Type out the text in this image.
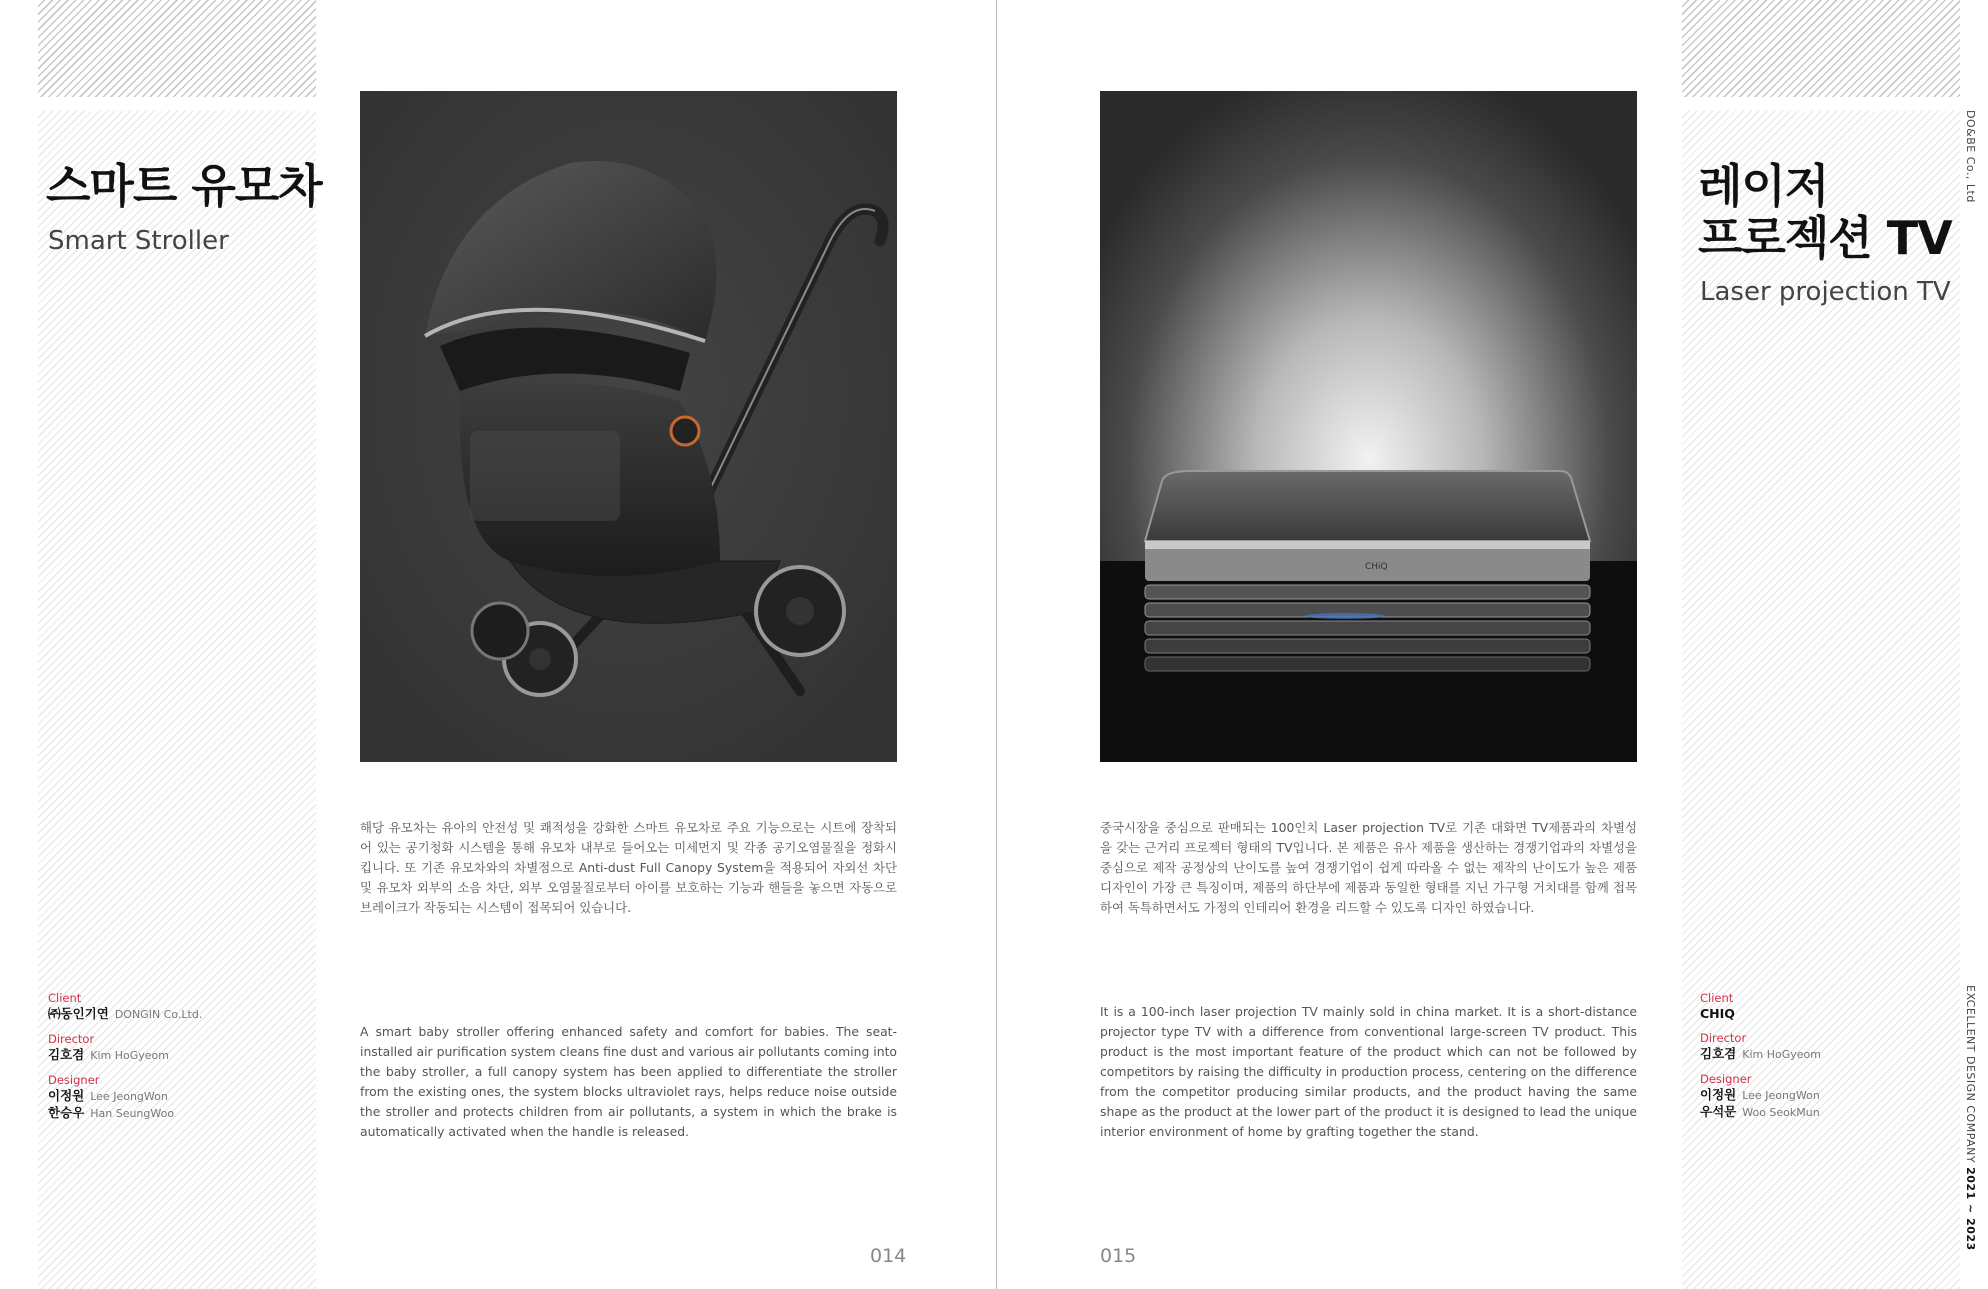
스마트 유모차
Smart Stroller
Client
㈜동인기연 DONGIN Co.Ltd.
Director
김호겸 Kim HoGyeom
Designer
이정원 Lee JeongWon
한승우 Han SeungWoo
해당 유모차는 유아의 안전성 및 쾌적성을 강화한 스마트 유모차로 주요 기능으로는 시트에 장착되어 있는 공기청화 시스템을 통해 유모차 내부로 들어오는 미세먼지 및 각종 공기오염물질을 정화시킵니다. 또 기존 유모차와의 차별점으로 Anti-dust Full Canopy System을 적용되어 자외선 차단 및 유모차 외부의 소음 차단, 외부 오염물질로부터 아이를 보호하는 기능과 핸들을 놓으면 자동으로 브레이크가 작동되는 시스템이 접목되어 있습니다.
A smart baby stroller offering enhanced safety and comfort for babies. The seat-installed air purification system cleans fine dust and various air pollutants coming into the baby stroller, a full canopy system has been applied to differentiate the stroller from the existing ones, the system blocks ultraviolet rays, helps reduce noise outside the stroller and protects children from air pollutants, a system in which the brake is automatically activated when the handle is released.
014
CHiQ
중국시장을 중심으로 판매되는 100인치 Laser projection TV로 기존 대화면 TV제품과의 차별성을 갖는 근거리 프로젝터 형태의 TV입니다. 본 제품은 유사 제품을 생산하는 경쟁기업과의 차별성을 중심으로 제작 공정상의 난이도를 높여 경쟁기업이 쉽게 따라올 수 없는 제작의 난이도가 높은 제품 디자인이 가장 큰 특징이며, 제품의 하단부에 제품과 동일한 형태를 지닌 가구형 거치대를 함께 접목하여 독특하면서도 가정의 인테리어 환경을 리드할 수 있도록 디자인 하였습니다.
It is a 100-inch laser projection TV mainly sold in china market. It is a short-distance projector type TV with a difference from conventional large-screen TV product. This product is the most important feature of the product which can not be followed by competitors by raising the difficulty in production process, centering on the difference from the competitor producing similar products, and the product having the same shape as the product at the lower part of the product it is designed to lead the unique interior environment of home by grafting together the stand.
015
레이저
프로젝션 TV
Laser projection TV
Client
CHIQ
Director
김호겸 Kim HoGyeom
Designer
이정원 Lee JeongWon
우석문 Woo SeokMun
DO&BE Co., Ltd
EXCELLENT DESIGN COMPANY 2021 ~ 2023
